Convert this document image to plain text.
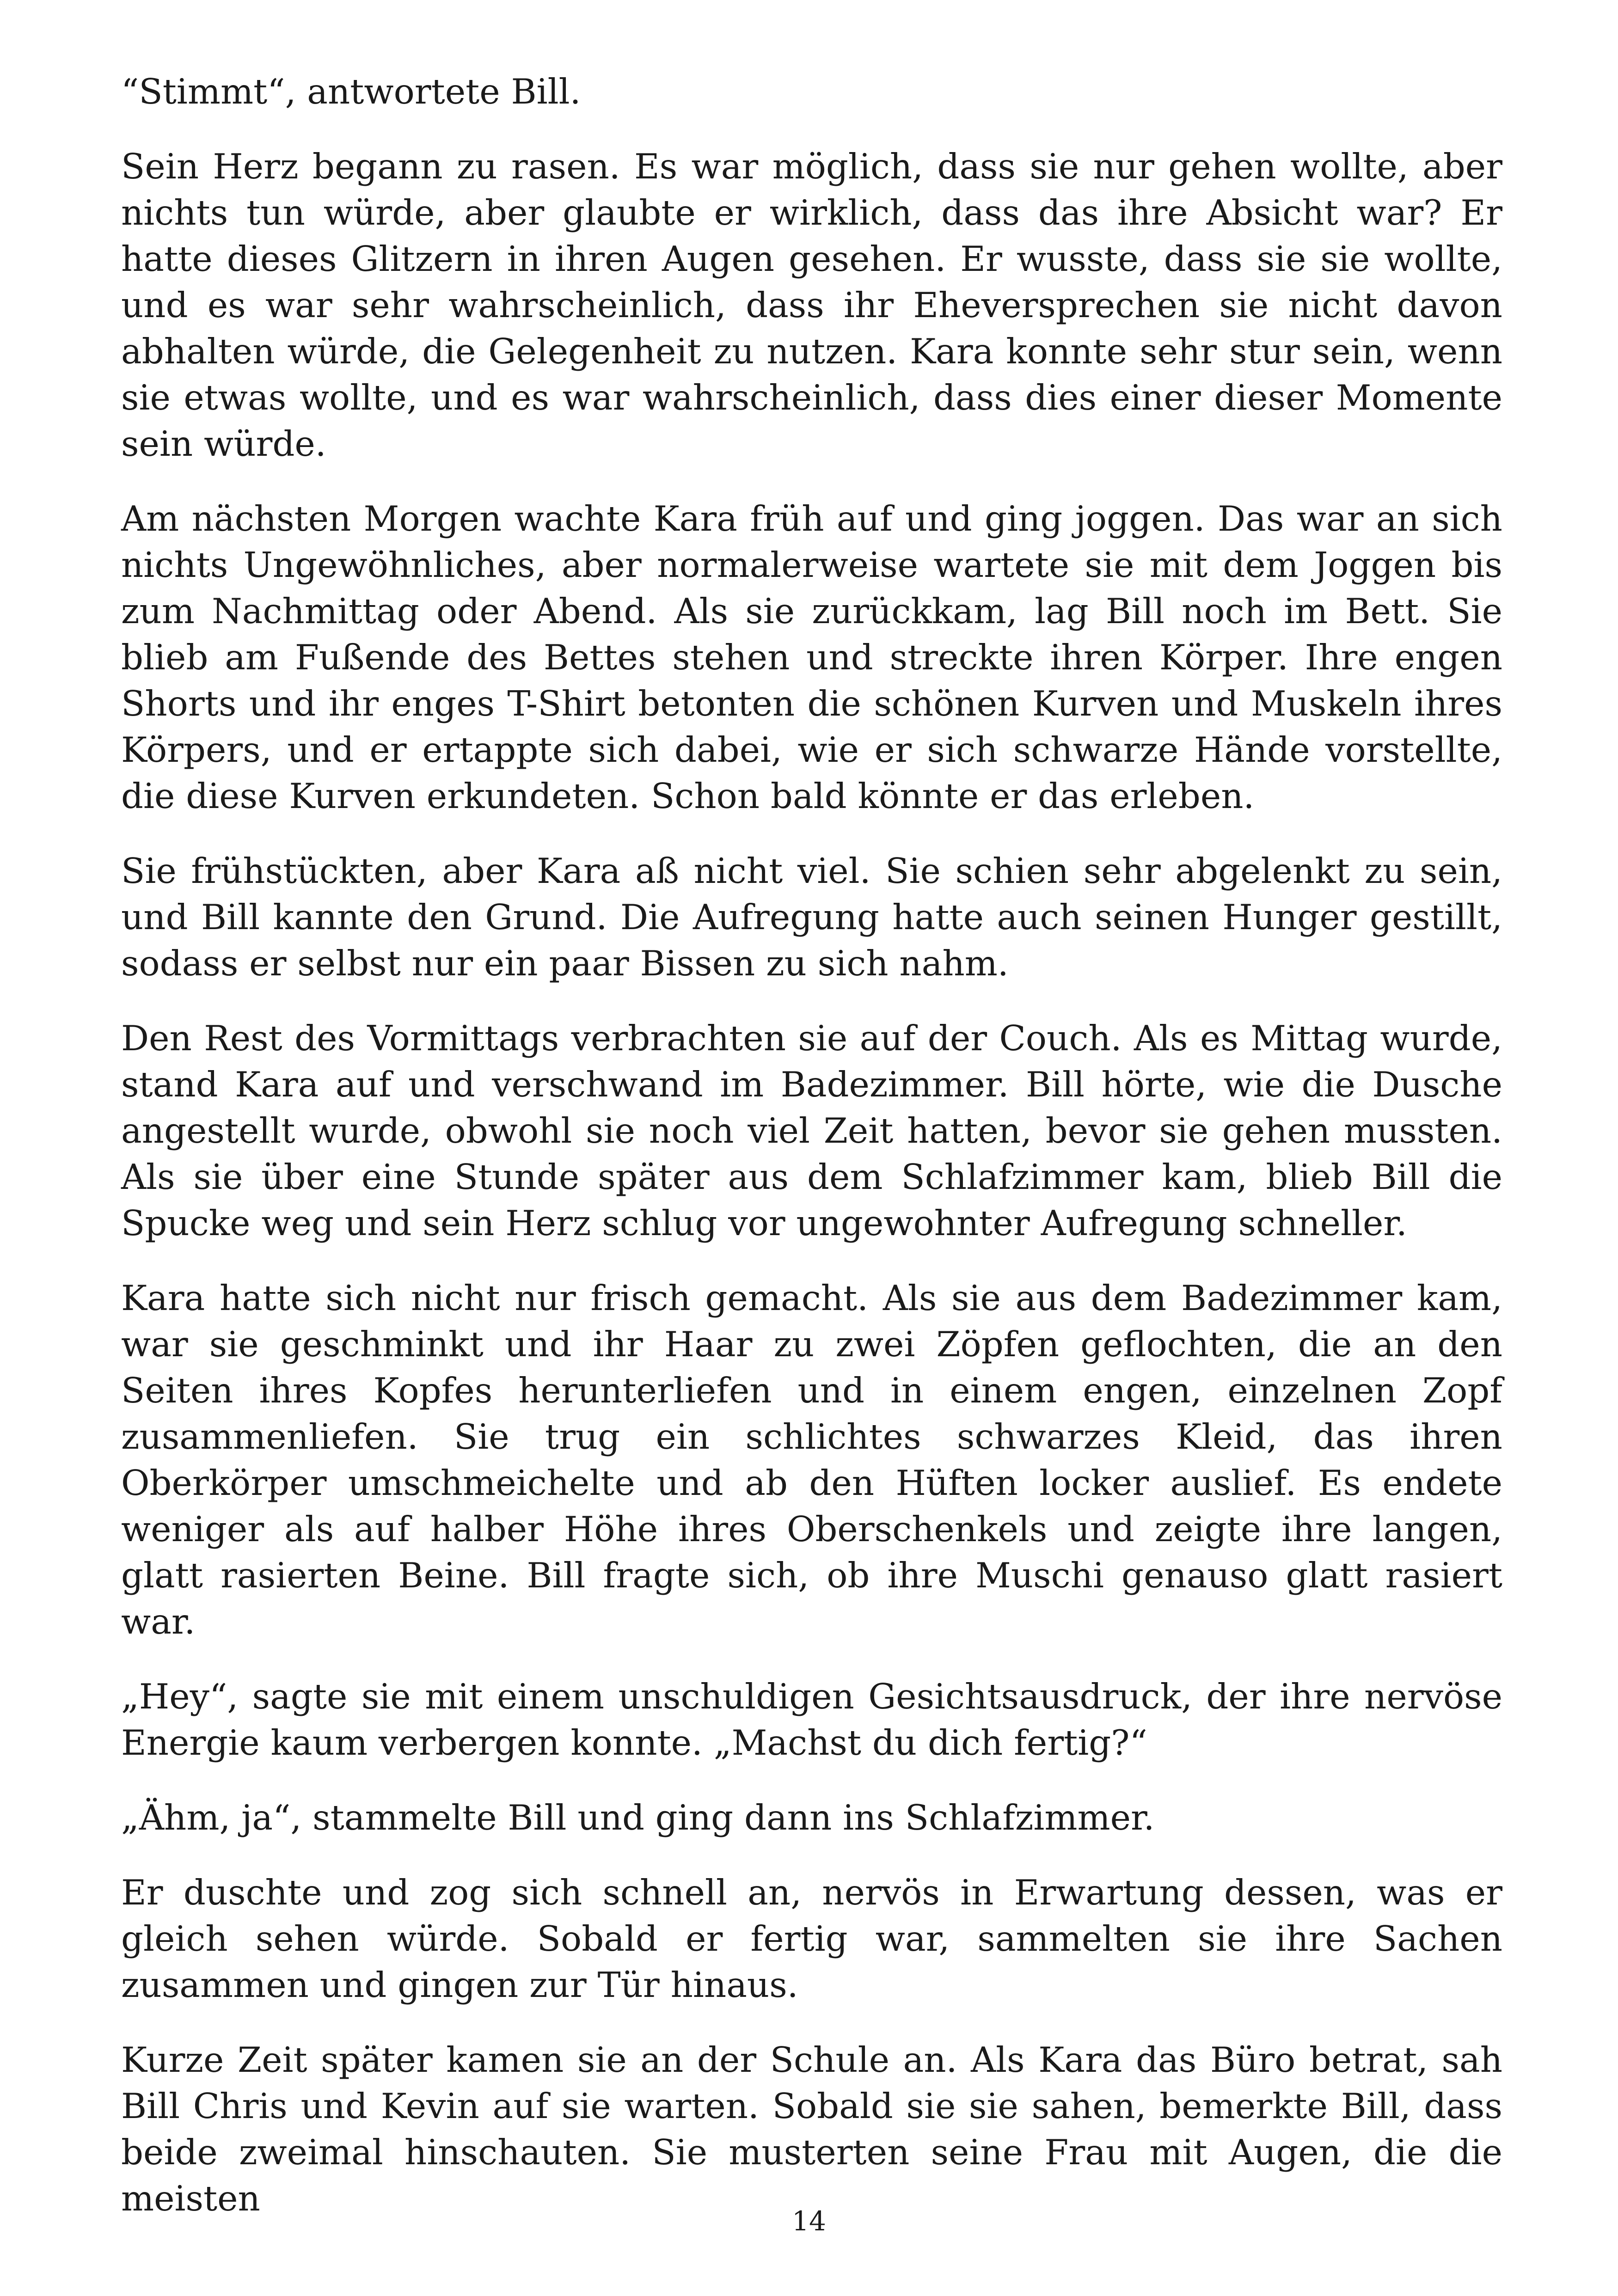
“Stimmt“, antwortete Bill.

Sein Herz begann zu rasen. Es war möglich, dass sie nur gehen wollte, aber nichts tun würde, aber glaubte er wirklich, dass das ihre Absicht war? Er hatte dieses Glitzern in ihren Augen gesehen. Er wusste, dass sie sie wollte, und es war sehr wahrscheinlich, dass ihr Eheversprechen sie nicht davon abhalten würde, die Gelegenheit zu nutzen. Kara konnte sehr stur sein, wenn sie etwas wollte, und es war wahrscheinlich, dass dies einer dieser Momente sein würde.

Am nächsten Morgen wachte Kara früh auf und ging joggen. Das war an sich nichts Ungewöhnliches, aber normalerweise wartete sie mit dem Joggen bis zum Nachmittag oder Abend. Als sie zurückkam, lag Bill noch im Bett. Sie blieb am Fußende des Bettes stehen und streckte ihren Körper. Ihre engen Shorts und ihr enges T-Shirt betonten die schönen Kurven und Muskeln ihres Körpers, und er ertappte sich dabei, wie er sich schwarze Hände vorstellte, die diese Kurven erkundeten. Schon bald könnte er das erleben.

Sie frühstückten, aber Kara aß nicht viel. Sie schien sehr abgelenkt zu sein, und Bill kannte den Grund. Die Aufregung hatte auch seinen Hunger gestillt, sodass er selbst nur ein paar Bissen zu sich nahm.

Den Rest des Vormittags verbrachten sie auf der Couch. Als es Mittag wurde, stand Kara auf und verschwand im Badezimmer. Bill hörte, wie die Dusche angestellt wurde, obwohl sie noch viel Zeit hatten, bevor sie gehen mussten. Als sie über eine Stunde später aus dem Schlafzimmer kam, blieb Bill die Spucke weg und sein Herz schlug vor ungewohnter Aufregung schneller.

Kara hatte sich nicht nur frisch gemacht. Als sie aus dem Badezimmer kam, war sie geschminkt und ihr Haar zu zwei Zöpfen geflochten, die an den Seiten ihres Kopfes herunterliefen und in einem engen, einzelnen Zopf zusammenliefen. Sie trug ein schlichtes schwarzes Kleid, das ihren Oberkörper umschmeichelte und ab den Hüften locker auslief. Es endete weniger als auf halber Höhe ihres Oberschenkels und zeigte ihre langen, glatt rasierten Beine. Bill fragte sich, ob ihre Muschi genauso glatt rasiert war.

„Hey“, sagte sie mit einem unschuldigen Gesichtsausdruck, der ihre nervöse Energie kaum verbergen konnte. „Machst du dich fertig?“

„Ähm, ja“, stammelte Bill und ging dann ins Schlafzimmer.

Er duschte und zog sich schnell an, nervös in Erwartung dessen, was er gleich sehen würde. Sobald er fertig war, sammelten sie ihre Sachen zusammen und gingen zur Tür hinaus.

Kurze Zeit später kamen sie an der Schule an. Als Kara das Büro betrat, sah Bill Chris und Kevin auf sie warten. Sobald sie sie sahen, bemerkte Bill, dass beide zweimal hinschauten. Sie musterten seine Frau mit Augen, die die meisten

14
